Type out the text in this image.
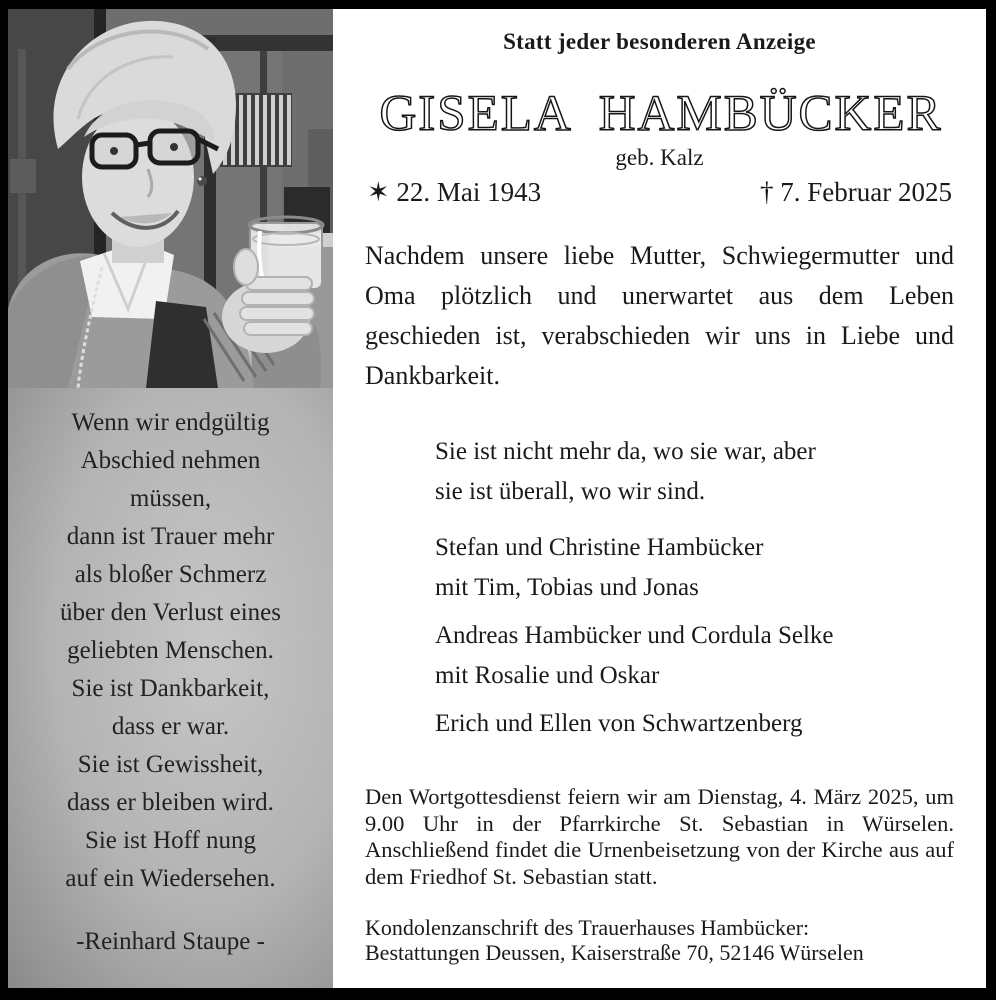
Wenn wir endgültig
Abschied nehmen
müssen,
dann ist Trauer mehr
als bloßer Schmerz
über den Verlust eines
geliebten Menschen.
Sie ist Dankbarkeit,
dass er war.
Sie ist Gewissheit,
dass er bleiben wird.
Sie ist Hoff nung
auf ein Wiedersehen.
-Reinhard Staupe -
Statt jeder besonderen Anzeige
GISELA HAMBÜCKER
geb. Kalz
✶ 22. Mai 1943	† 7. Februar 2025

Nachdem unsere liebe Mutter, Schwiegermutter und Oma plötzlich und unerwartet aus dem Leben geschieden ist, verabschieden wir uns in Liebe und Dankbarkeit.

Sie ist nicht mehr da, wo sie war, aber
sie ist überall, wo wir sind.
Stefan und Christine Hambücker
mit Tim, Tobias und Jonas
Andreas Hambücker und Cordula Selke
mit Rosalie und Oskar
Erich und Ellen von Schwartzenberg

Den Wortgottesdienst feiern wir am Dienstag, 4. März 2025, um 9.00 Uhr in der Pfarrkirche St. Sebastian in Würselen. Anschließend findet die Urnenbeisetzung von der Kirche aus auf dem Friedhof St. Sebastian statt.

Kondolenzanschrift des Trauerhauses Hambücker:
Bestattungen Deussen, Kaiserstraße 70, 52146 Würselen
